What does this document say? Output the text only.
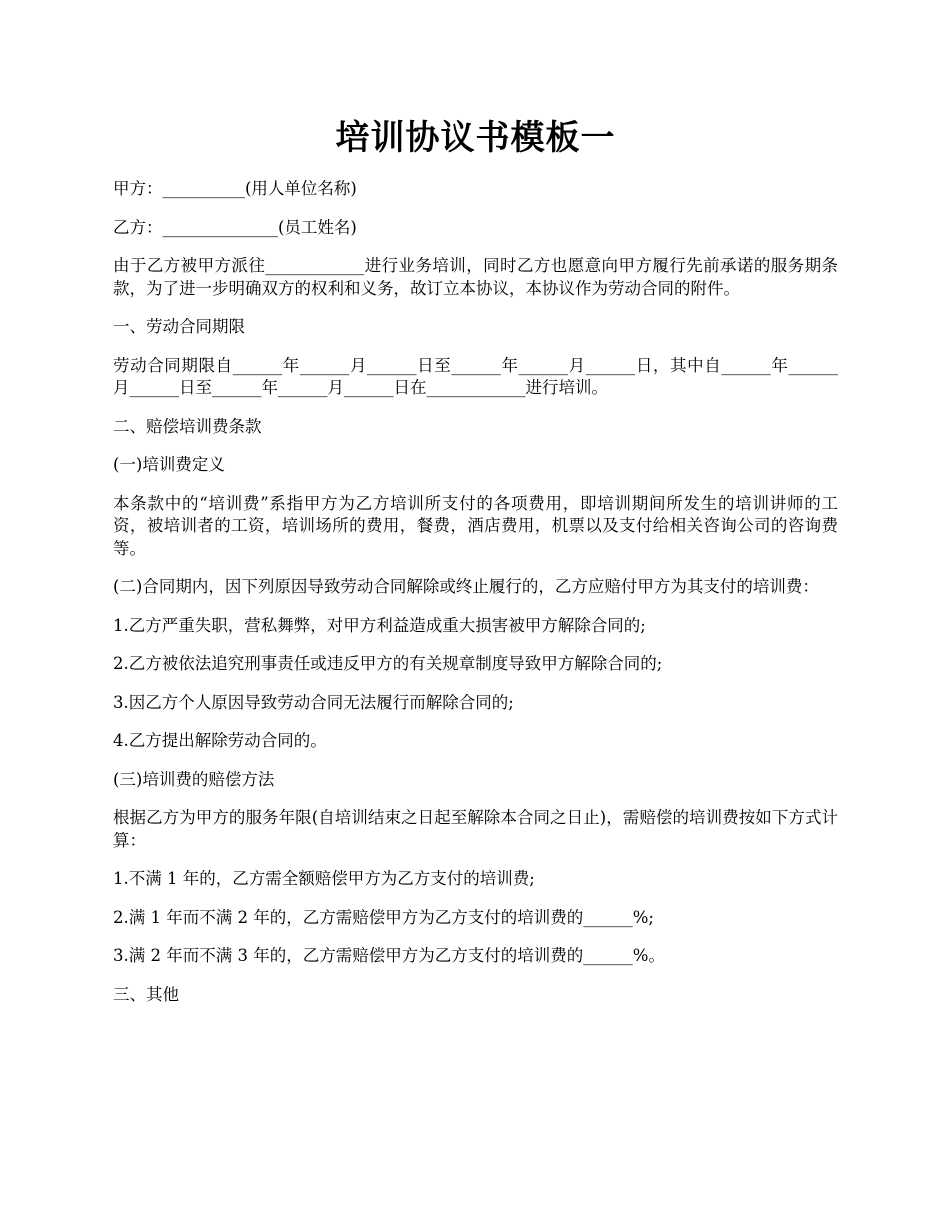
培训协议书模板一

甲方：__________(用人单位名称)

乙方：______________(员工姓名)

由于乙方被甲方派往____________进行业务培训，同时乙方也愿意向甲方履行先前承诺的服务期条款，为了进一步明确双方的权利和义务，故订立本协议，本协议作为劳动合同的附件。

一、劳动合同期限

劳动合同期限自______年______月______日至______年______月______日，其中自______年______月______日至______年______月______日在____________进行培训。

二、赔偿培训费条款

(一)培训费定义

本条款中的“培训费”系指甲方为乙方培训所支付的各项费用，即培训期间所发生的培训讲师的工资，被培训者的工资，培训场所的费用，餐费，酒店费用，机票以及支付给相关咨询公司的咨询费等。

(二)合同期内，因下列原因导致劳动合同解除或终止履行的，乙方应赔付甲方为其支付的培训费：

1.乙方严重失职，营私舞弊，对甲方利益造成重大损害被甲方解除合同的;

2.乙方被依法追究刑事责任或违反甲方的有关规章制度导致甲方解除合同的;

3.因乙方个人原因导致劳动合同无法履行而解除合同的;

4.乙方提出解除劳动合同的。

(三)培训费的赔偿方法

根据乙方为甲方的服务年限(自培训结束之日起至解除本合同之日止)，需赔偿的培训费按如下方式计算：

1.不满 1 年的，乙方需全额赔偿甲方为乙方支付的培训费;

2.满 1 年而不满 2 年的，乙方需赔偿甲方为乙方支付的培训费的______%;

3.满 2 年而不满 3 年的，乙方需赔偿甲方为乙方支付的培训费的______%。

三、其他
